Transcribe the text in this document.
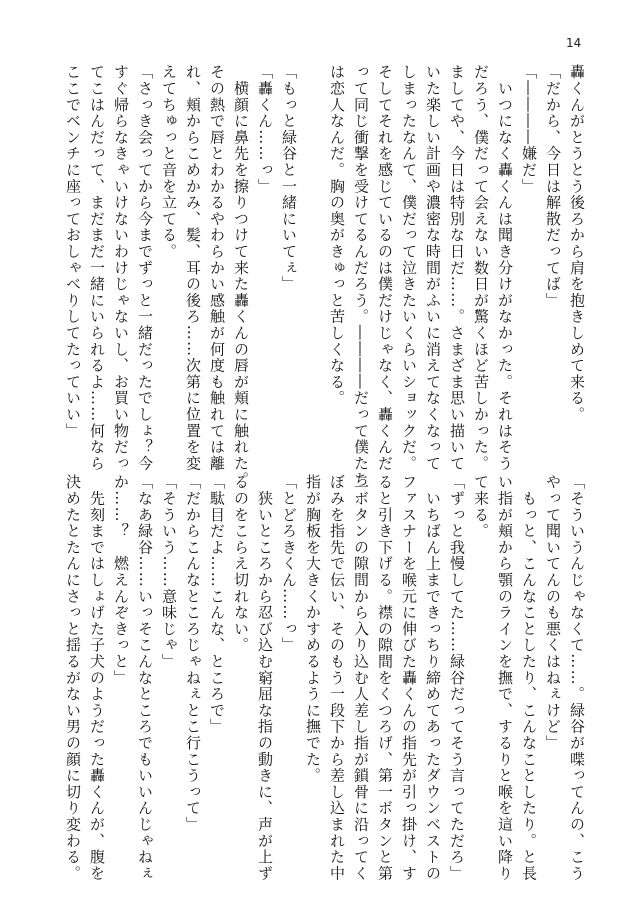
14

轟くんがとうとう後ろから肩を抱きしめて来る。

「だから、今日は解散だってば」

「――――嫌だ」

　いつになく轟くんは聞き分けがなかった。それはそう

だろう、僕だって会えない数日が驚くほど苦しかった。

ましてや、今日は特別な日だ……。さまざま思い描いて

いた楽しい計画や濃密な時間がふいに消えてなくなって

しまったなんて、僕だって泣きたいくらいショックだ。

そしてそれを感じているのは僕だけじゃなく、轟くんだ

って同じ衝撃を受けてるんだろう。――――だって僕たち

は恋人なんだ。胸の奥がきゅっと苦しくなる。

「もっと緑谷と一緒にいてぇ」

「轟くん……っ」

　横顔に鼻先を擦りつけて来た轟くんの唇が頬に触れた。

その熱で唇とわかるやわらかい感触が何度も触れては離

れ、頬からこめかみ、髪、耳の後ろ……次第に位置を変

えてちゅっと音を立てる。

「さっき会ってから今までずっと一緒だったでしょ？今

すぐ帰らなきゃいけないわけじゃないし、お買い物だっ

てこはんだって、まだまだ一緒にいられるよ……何なら

ここでベンチに座っておしゃべりしてたっていい」

「そういうんじゃなくて……。緑谷が喋ってんの、こう

やって聞いてんのも悪くはねぇけど」

　もっと、こんなことしたり、こんなことしたり。と長

い指が頬から顎のラインを撫で、するりと喉を這い降り

て来る。

「ずっと我慢してた……緑谷だってそう言ってただろ」

　いちばん上まできっちり締めてあったダウンベストの

ファスナーを喉元に伸びた轟くんの指先が引っ掛け、す

ると引き下げる。襟の隙間をくつろげ、第一ボタンと第

二ボタンの隙間から入り込む人差し指が鎖骨に沿ってく

ぼみを指先で伝い、そのもう一段下から差し込まれた中

指が胸板を大きくかすめるように撫でた。

「とどろきくん……っ」

　狭いところから忍び込む窮屈な指の動きに、声が上ず

るのをこらえ切れない。

「駄目だよ……こんな、ところで」

「だからこんなところじゃねぇとこ行こうって」

「そういう……意味じゃ」

「なあ緑谷……いっそこんなところでもいいんじゃねぇ

か……？　燃えんぞきっと」

　先刻まではしょげた子犬のようだった轟くんが、腹を

決めたとたんにさっと揺るがない男の顔に切り変わる。
